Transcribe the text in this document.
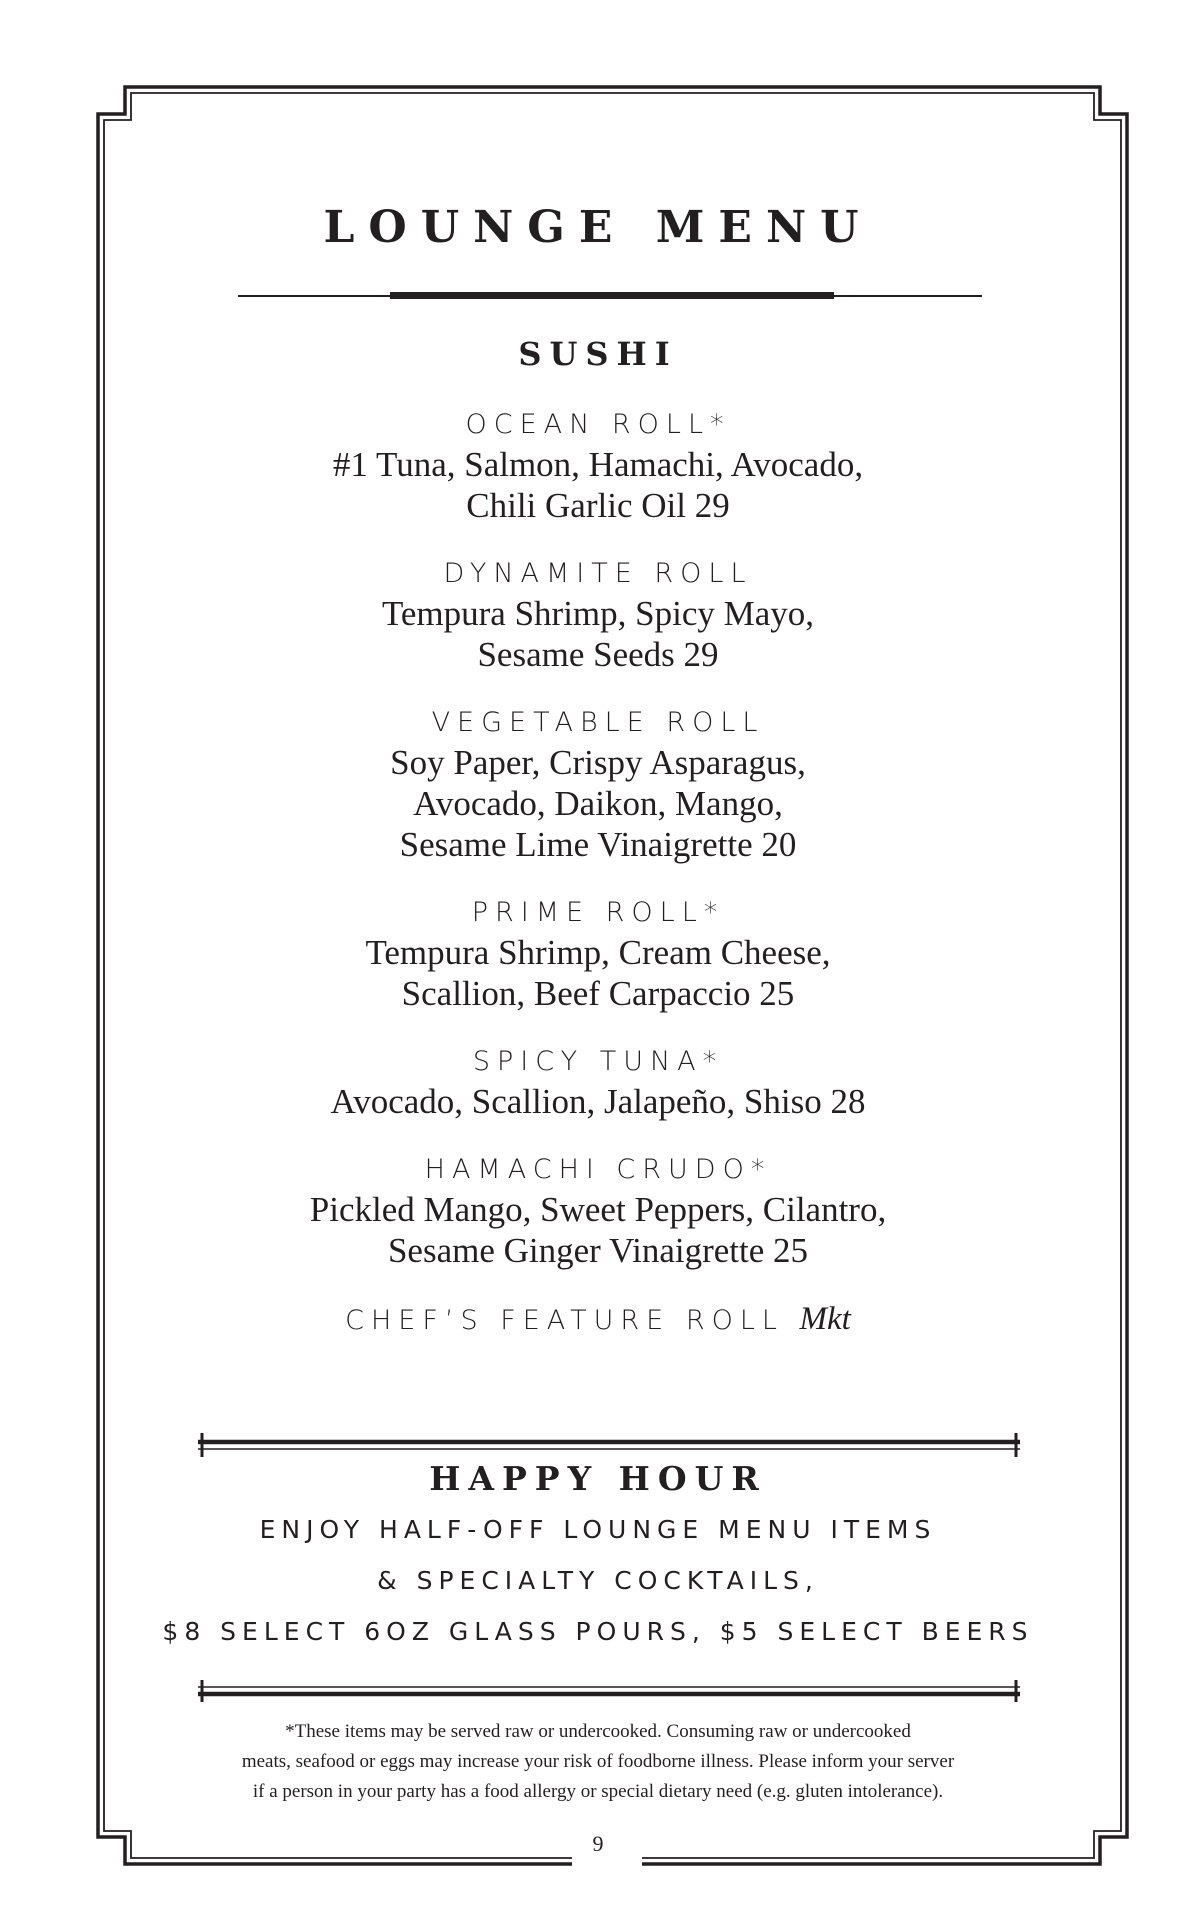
LOUNGE MENU
SUSHI
OCEAN ROLL*
#1 Tuna, Salmon, Hamachi, Avocado,
Chili Garlic Oil 29
DYNAMITE ROLL
Tempura Shrimp, Spicy Mayo,
Sesame Seeds 29
VEGETABLE ROLL
Soy Paper, Crispy Asparagus,
Avocado, Daikon, Mango,
Sesame Lime Vinaigrette 20
PRIME ROLL*
Tempura Shrimp, Cream Cheese,
Scallion, Beef Carpaccio 25
SPICY TUNA*
Avocado, Scallion, Jalapeño, Shiso 28
HAMACHI CRUDO*
Pickled Mango, Sweet Peppers, Cilantro,
Sesame Ginger Vinaigrette 25
CHEF’S FEATURE ROLL Mkt
HAPPY HOUR
ENJOY HALF-OFF LOUNGE MENU ITEMS
& SPECIALTY COCKTAILS,
$8 SELECT 6OZ GLASS POURS, $5 SELECT BEERS
*These items may be served raw or undercooked. Consuming raw or undercooked
meats, seafood or eggs may increase your risk of foodborne illness. Please inform your server
if a person in your party has a food allergy or special dietary need (e.g. gluten intolerance).
9
